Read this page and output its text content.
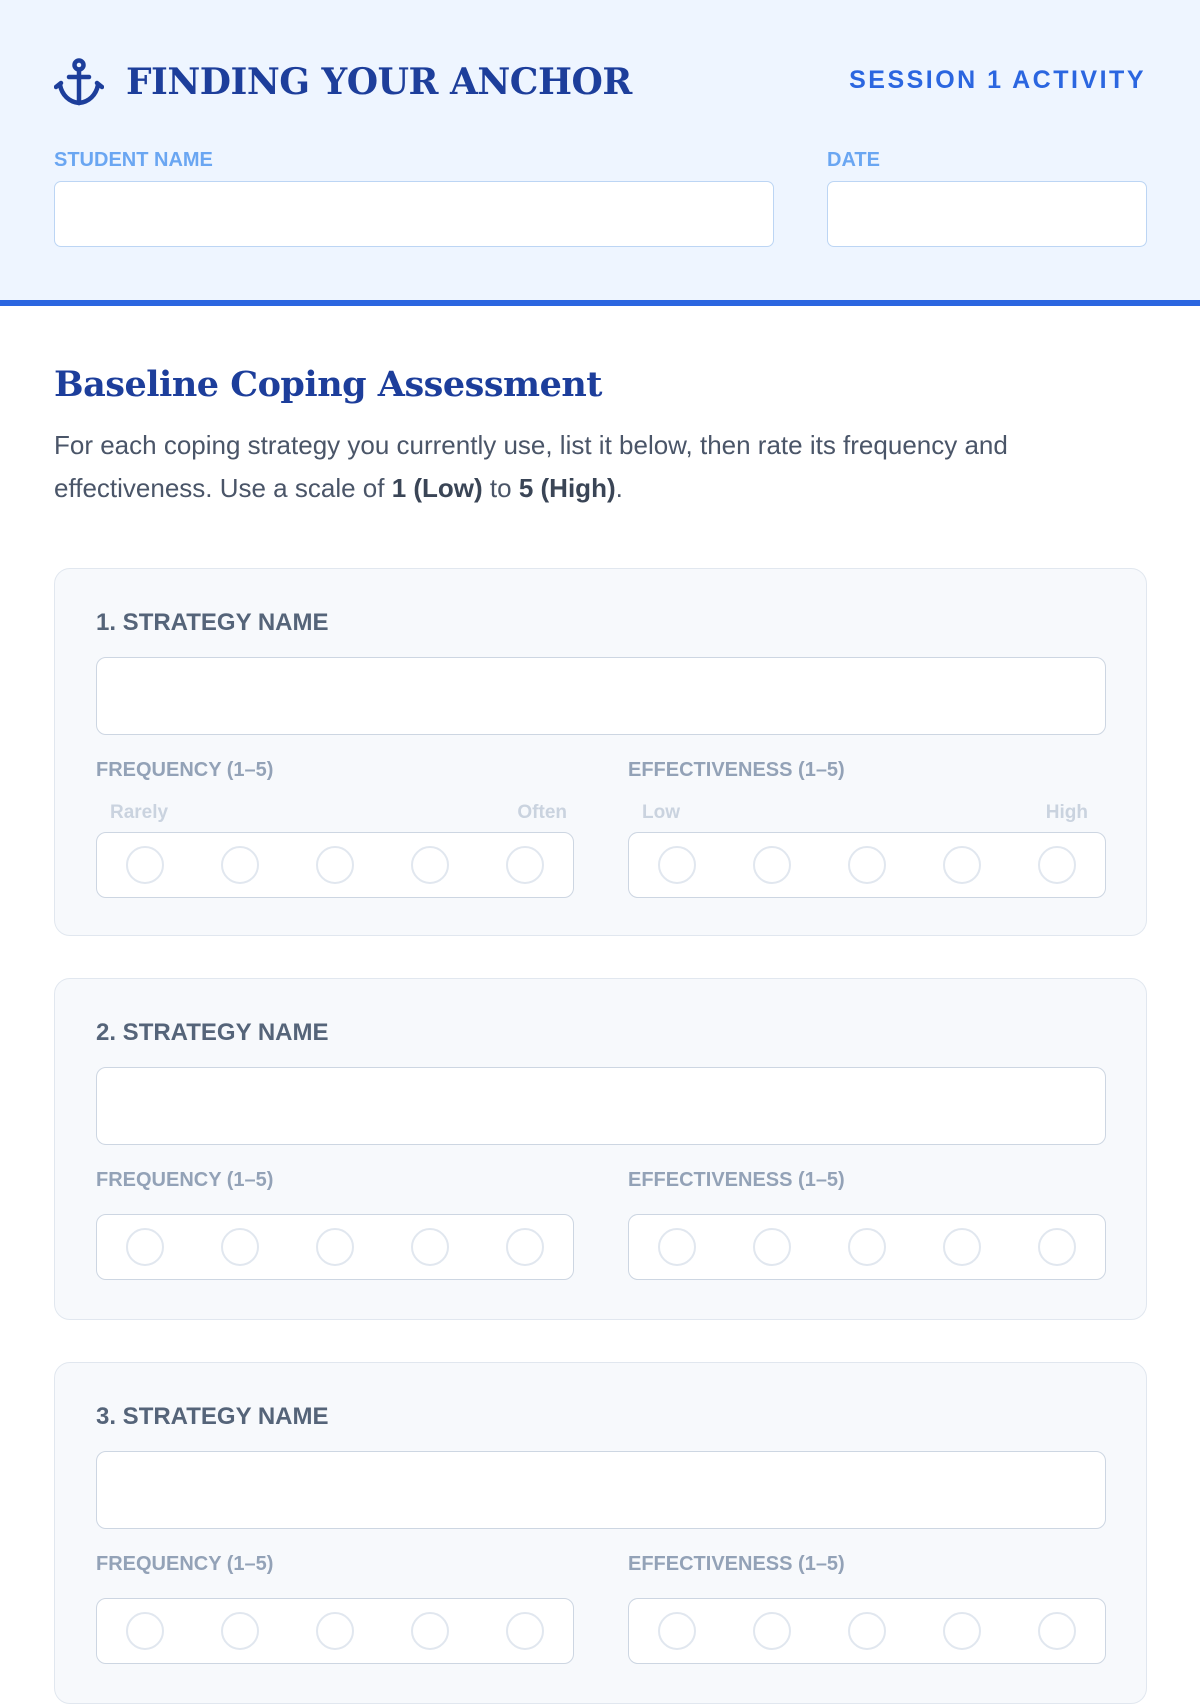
FINDING YOUR ANCHOR	SESSION 1 ACTIVITY
STUDENT NAME	DATE
Baseline Coping Assessment
For each coping strategy you currently use, list it below, then rate its frequency and effectiveness. Use a scale of 1 (Low) to 5 (High).
1. STRATEGY NAME
FREQUENCY (1–5)
Rarely	Often
EFFECTIVENESS (1–5)
Low	High
2. STRATEGY NAME
FREQUENCY (1–5)	EFFECTIVENESS (1–5)
3. STRATEGY NAME
FREQUENCY (1–5)	EFFECTIVENESS (1–5)
